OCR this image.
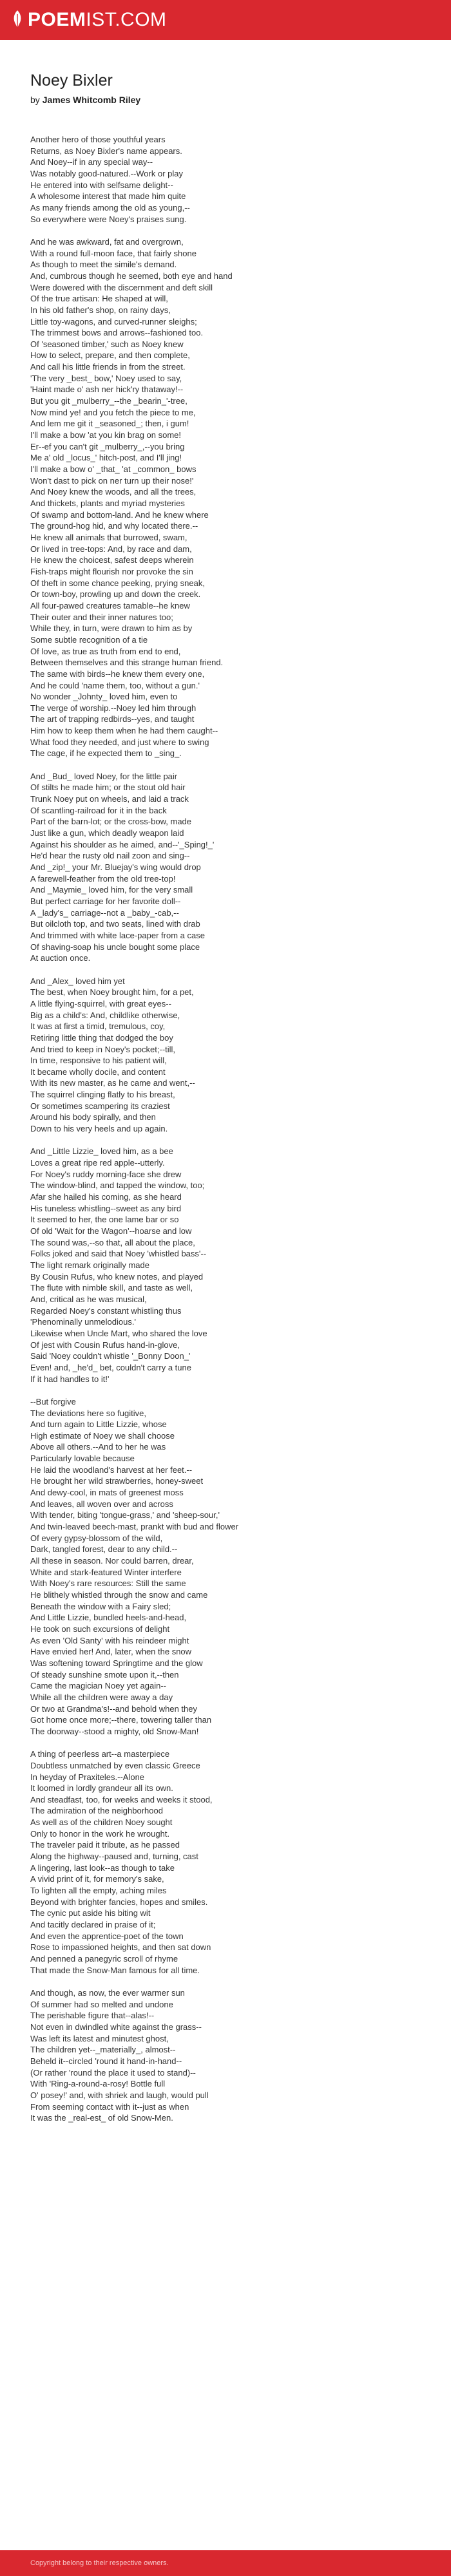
POEMIST.COM
Noey Bixler
by James Whitcomb Riley

Another hero of those youthful years
Returns, as Noey Bixler's name appears.
And Noey--if in any special way--
Was notably good-natured.--Work or play
He entered into with selfsame delight--
A wholesome interest that made him quite
As many friends among the old as young,--
So everywhere were Noey's praises sung.

And he was awkward, fat and overgrown,
With a round full-moon face, that fairly shone
As though to meet the simile's demand.
And, cumbrous though he seemed, both eye and hand
Were dowered with the discernment and deft skill
Of the true artisan: He shaped at will,
In his old father's shop, on rainy days,
Little toy-wagons, and curved-runner sleighs;
The trimmest bows and arrows--fashioned too.
Of 'seasoned timber,' such as Noey knew
How to select, prepare, and then complete,
And call his little friends in from the street.
'The very _best_ bow,' Noey used to say,
'Haint made o' ash ner hick'ry thataway!--
But you git _mulberry_--the _bearin_'-tree,
Now mind ye! and you fetch the piece to me,
And lem me git it _seasoned_; then, i gum!
I'll make a bow 'at you kin brag on some!
Er--ef you can't git _mulberry_,--you bring
Me a' old _locus_' hitch-post, and I'll jing!
I'll make a bow o' _that_ 'at _common_ bows
Won't dast to pick on ner turn up their nose!'
And Noey knew the woods, and all the trees,
And thickets, plants and myriad mysteries
Of swamp and bottom-land. And he knew where
The ground-hog hid, and why located there.--
He knew all animals that burrowed, swam,
Or lived in tree-tops: And, by race and dam,
He knew the choicest, safest deeps wherein
Fish-traps might flourish nor provoke the sin
Of theft in some chance peeking, prying sneak,
Or town-boy, prowling up and down the creek.
All four-pawed creatures tamable--he knew
Their outer and their inner natures too;
While they, in turn, were drawn to him as by
Some subtle recognition of a tie
Of love, as true as truth from end to end,
Between themselves and this strange human friend.
The same with birds--he knew them every one,
And he could 'name them, too, without a gun.'
No wonder _Johnty_ loved him, even to
The verge of worship.--Noey led him through
The art of trapping redbirds--yes, and taught
Him how to keep them when he had them caught--
What food they needed, and just where to swing
The cage, if he expected them to _sing_.

And _Bud_ loved Noey, for the little pair
Of stilts he made him; or the stout old hair
Trunk Noey put on wheels, and laid a track
Of scantling-railroad for it in the back
Part of the barn-lot; or the cross-bow, made
Just like a gun, which deadly weapon laid
Against his shoulder as he aimed, and--'_Sping!_'
He'd hear the rusty old nail zoon and sing--
And _zip!_ your Mr. Bluejay's wing would drop
A farewell-feather from the old tree-top!
And _Maymie_ loved him, for the very small
But perfect carriage for her favorite doll--
A _lady's_ carriage--not a _baby_-cab,--
But oilcloth top, and two seats, lined with drab
And trimmed with white lace-paper from a case
Of shaving-soap his uncle bought some place
At auction once.

And _Alex_ loved him yet
The best, when Noey brought him, for a pet,
A little flying-squirrel, with great eyes--
Big as a child's: And, childlike otherwise,
It was at first a timid, tremulous, coy,
Retiring little thing that dodged the boy
And tried to keep in Noey's pocket;--till,
In time, responsive to his patient will,
It became wholly docile, and content
With its new master, as he came and went,--
The squirrel clinging flatly to his breast,
Or sometimes scampering its craziest
Around his body spirally, and then
Down to his very heels and up again.

And _Little Lizzie_ loved him, as a bee
Loves a great ripe red apple--utterly.
For Noey's ruddy morning-face she drew
The window-blind, and tapped the window, too;
Afar she hailed his coming, as she heard
His tuneless whistling--sweet as any bird
It seemed to her, the one lame bar or so
Of old 'Wait for the Wagon'--hoarse and low
The sound was,--so that, all about the place,
Folks joked and said that Noey 'whistled bass'--
The light remark originally made
By Cousin Rufus, who knew notes, and played
The flute with nimble skill, and taste as well,
And, critical as he was musical,
Regarded Noey's constant whistling thus
'Phenominally unmelodious.'
Likewise when Uncle Mart, who shared the love
Of jest with Cousin Rufus hand-in-glove,
Said 'Noey couldn't whistle '_Bonny Doon_'
Even! and, _he'd_ bet, couldn't carry a tune
If it had handles to it!'

--But forgive
The deviations here so fugitive,
And turn again to Little Lizzie, whose
High estimate of Noey we shall choose
Above all others.--And to her he was
Particularly lovable because
He laid the woodland's harvest at her feet.--
He brought her wild strawberries, honey-sweet
And dewy-cool, in mats of greenest moss
And leaves, all woven over and across
With tender, biting 'tongue-grass,' and 'sheep-sour,'
And twin-leaved beech-mast, prankt with bud and flower
Of every gypsy-blossom of the wild,
Dark, tangled forest, dear to any child.--
All these in season. Nor could barren, drear,
White and stark-featured Winter interfere
With Noey's rare resources: Still the same
He blithely whistled through the snow and came
Beneath the window with a Fairy sled;
And Little Lizzie, bundled heels-and-head,
He took on such excursions of delight
As even 'Old Santy' with his reindeer might
Have envied her! And, later, when the snow
Was softening toward Springtime and the glow
Of steady sunshine smote upon it,--then
Came the magician Noey yet again--
While all the children were away a day
Or two at Grandma's!--and behold when they
Got home once more;--there, towering taller than
The doorway--stood a mighty, old Snow-Man!

A thing of peerless art--a masterpiece
Doubtless unmatched by even classic Greece
In heyday of Praxiteles.--Alone
It loomed in lordly grandeur all its own.
And steadfast, too, for weeks and weeks it stood,
The admiration of the neighborhood
As well as of the children Noey sought
Only to honor in the work he wrought.
The traveler paid it tribute, as he passed
Along the highway--paused and, turning, cast
A lingering, last look--as though to take
A vivid print of it, for memory's sake,
To lighten all the empty, aching miles
Beyond with brighter fancies, hopes and smiles.
The cynic put aside his biting wit
And tacitly declared in praise of it;
And even the apprentice-poet of the town
Rose to impassioned heights, and then sat down
And penned a panegyric scroll of rhyme
That made the Snow-Man famous for all time.

And though, as now, the ever warmer sun
Of summer had so melted and undone
The perishable figure that--alas!--
Not even in dwindled white against the grass--
Was left its latest and minutest ghost,
The children yet--_materially_, almost--
Beheld it--circled 'round it hand-in-hand--
(Or rather 'round the place it used to stand)--
With 'Ring-a-round-a-rosy! Bottle full
O' posey!' and, with shriek and laugh, would pull
From seeming contact with it--just as when
It was the _real-est_ of old Snow-Men.

Copyright belong to their respective owners.
